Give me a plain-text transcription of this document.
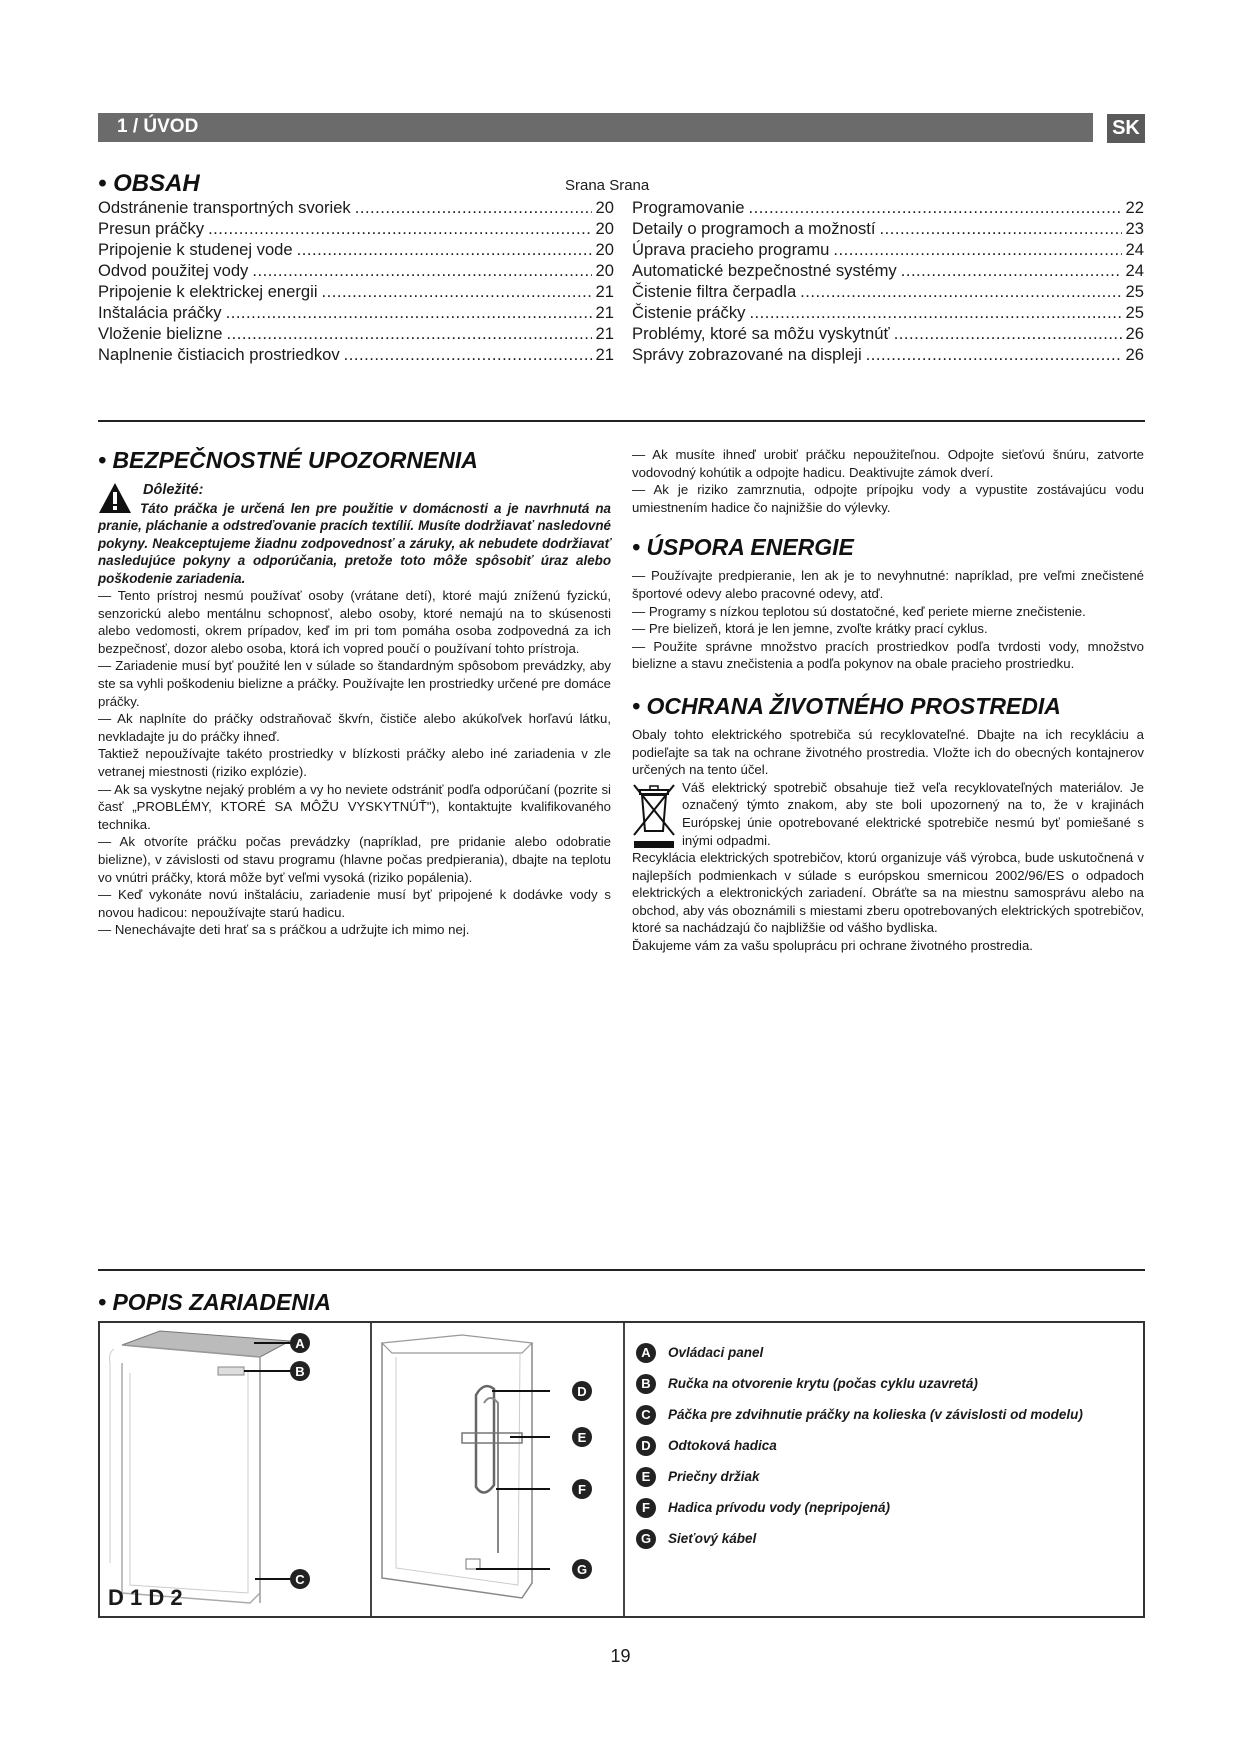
1 / ÚVOD	SK
• OBSAH	Srana Srana
Odstránenie transportných svoriek .....	20
Presun práčky .....	20
Pripojenie k studenej vode .....	20
Odvod použitej vody .....	20
Pripojenie k elektrickej energii .....	21
Inštalácia práčky .....	21
Vloženie bielizne .....	21
Naplnenie čistiacich prostriedkov .....	21
Programovanie .....	22
Detaily o programoch a možností .....	23
Úprava pracieho programu .....	24
Automatické bezpečnostné systémy .....	24
Čistenie filtra čerpadla .....	25
Čistenie práčky .....	25
Problémy, ktoré sa môžu vyskytnúť .....	26
Správy zobrazované na displeji .....	26
• BEZPEČNOSTNÉ UPOZORNENIA
Dôležité:
Táto práčka je určená len pre použitie v domácnosti a je navrhnutá na pranie, pláchanie a odstreďovanie pracích textílií. Musíte dodržiavať nasledovné pokyny. Neakceptujeme žiadnu zodpovednosť a záruky, ak nebudete dodržiavať nasledujúce pokyny a odporúčania, pretože toto môže spôsobiť úraz alebo poškodenie zariadenia.

— Tento prístroj nesmú používať osoby (vrátane detí), ktoré majú zníženú fyzickú, senzorickú alebo mentálnu schopnosť, alebo osoby, ktoré nemajú na to skúsenosti alebo vedomosti, okrem prípadov, keď im pri tom pomáha osoba zodpovedná za ich bezpečnosť, dozor alebo osoba, ktorá ich vopred poučí o používaní tohto prístroja.

— Zariadenie musí byť použité len v súlade so štandardným spôsobom prevádzky, aby ste sa vyhli poškodeniu bielizne a práčky. Používajte len prostriedky určené pre domáce práčky.

— Ak naplníte do práčky odstraňovač škvŕn, čističe alebo akúkoľvek horľavú látku, nevkladajte ju do práčky ihneď.

Taktiež nepoužívajte takéto prostriedky v blízkosti práčky alebo iné zariadenia v zle vetranej miestnosti (riziko explózie).

— Ak sa vyskytne nejaký problém a vy ho neviete odstrániť podľa odporúčaní (pozrite si časť „PROBLÉMY, KTORÉ SA MÔŽU VYSKYTNÚŤ"), kontaktujte kvalifikovaného technika.

— Ak otvoríte práčku počas prevádzky (napríklad, pre pridanie alebo odobratie bielizne), v závislosti od stavu programu (hlavne počas predpierania), dbajte na teplotu vo vnútri práčky, ktorá môže byť veľmi vysoká (riziko popálenia).

— Keď vykonáte novú inštaláciu, zariadenie musí byť pripojené k dodávke vody s novou hadicou: nepoužívajte starú hadicu.

— Nenechávajte deti hrať sa s práčkou a udržujte ich mimo nej.

— Ak musíte ihneď urobiť práčku nepoužiteľnou. Odpojte sieťovú šnúru, zatvorte vodovodný kohútik a odpojte hadicu. Deaktivujte zámok dverí.

— Ak je riziko zamrznutia, odpojte prípojku vody a vypustite zostávajúcu vodu umiestnením hadice čo najnižšie do výlevky.

• ÚSPORA ENERGIE

— Používajte predpieranie, len ak je to nevyhnutné: napríklad, pre veľmi znečistené športové odevy alebo pracovné odevy, atď.

— Programy s nízkou teplotou sú dostatočné, keď periete mierne znečistenie.

— Pre bielizeň, ktorá je len jemne, zvoľte krátky prací cyklus.

— Použite správne množstvo pracích prostriedkov podľa tvrdosti vody, množstvo bielizne a stavu znečistenia a podľa pokynov na obale pracieho prostriedku.

• OCHRANA ŽIVOTNÉHO PROSTREDIA

Obaly tohto elektrického spotrebiča sú recyklovateľné. Dbajte na ich recykláciu a podieľajte sa tak na ochrane životného prostredia. Vložte ich do obecných kontajnerov určených na tento účel.

Váš elektrický spotrebič obsahuje tiež veľa recyklovateľných materiálov. Je označený týmto znakom, aby ste boli upozornený na to, že v krajinách Európskej únie opotrebované elektrické spotrebiče nesmú byť pomiešané s inými odpadmi.

Recyklácia elektrických spotrebičov, ktorú organizuje váš výrobca, bude uskutočnená v najlepších podmienkach v súlade s európskou smernicou 2002/96/ES o odpadoch elektrických a elektronických zariadení. Obráťte sa na miestnu samosprávu alebo na obchod, aby vás oboznámili s miestami zberu opotrebovaných elektrických spotrebičov, ktoré sa nachádzajú čo najbližšie od vášho bydliska.

Ďakujeme vám za vašu spoluprácu pri ochrane životného prostredia.

• POPIS ZARIADENIA
A
B
C
D 1 D 2
D
E
F
G
A	Ovládaci panel
B	Ručka na otvorenie krytu (počas cyklu uzavretá)
C	Páčka pre zdvihnutie práčky na kolieska (v závislosti od modelu)
D	Odtoková hadica
E	Priečny držiak
F	Hadica prívodu vody (nepripojená)
G	Sieťový kábel
19
